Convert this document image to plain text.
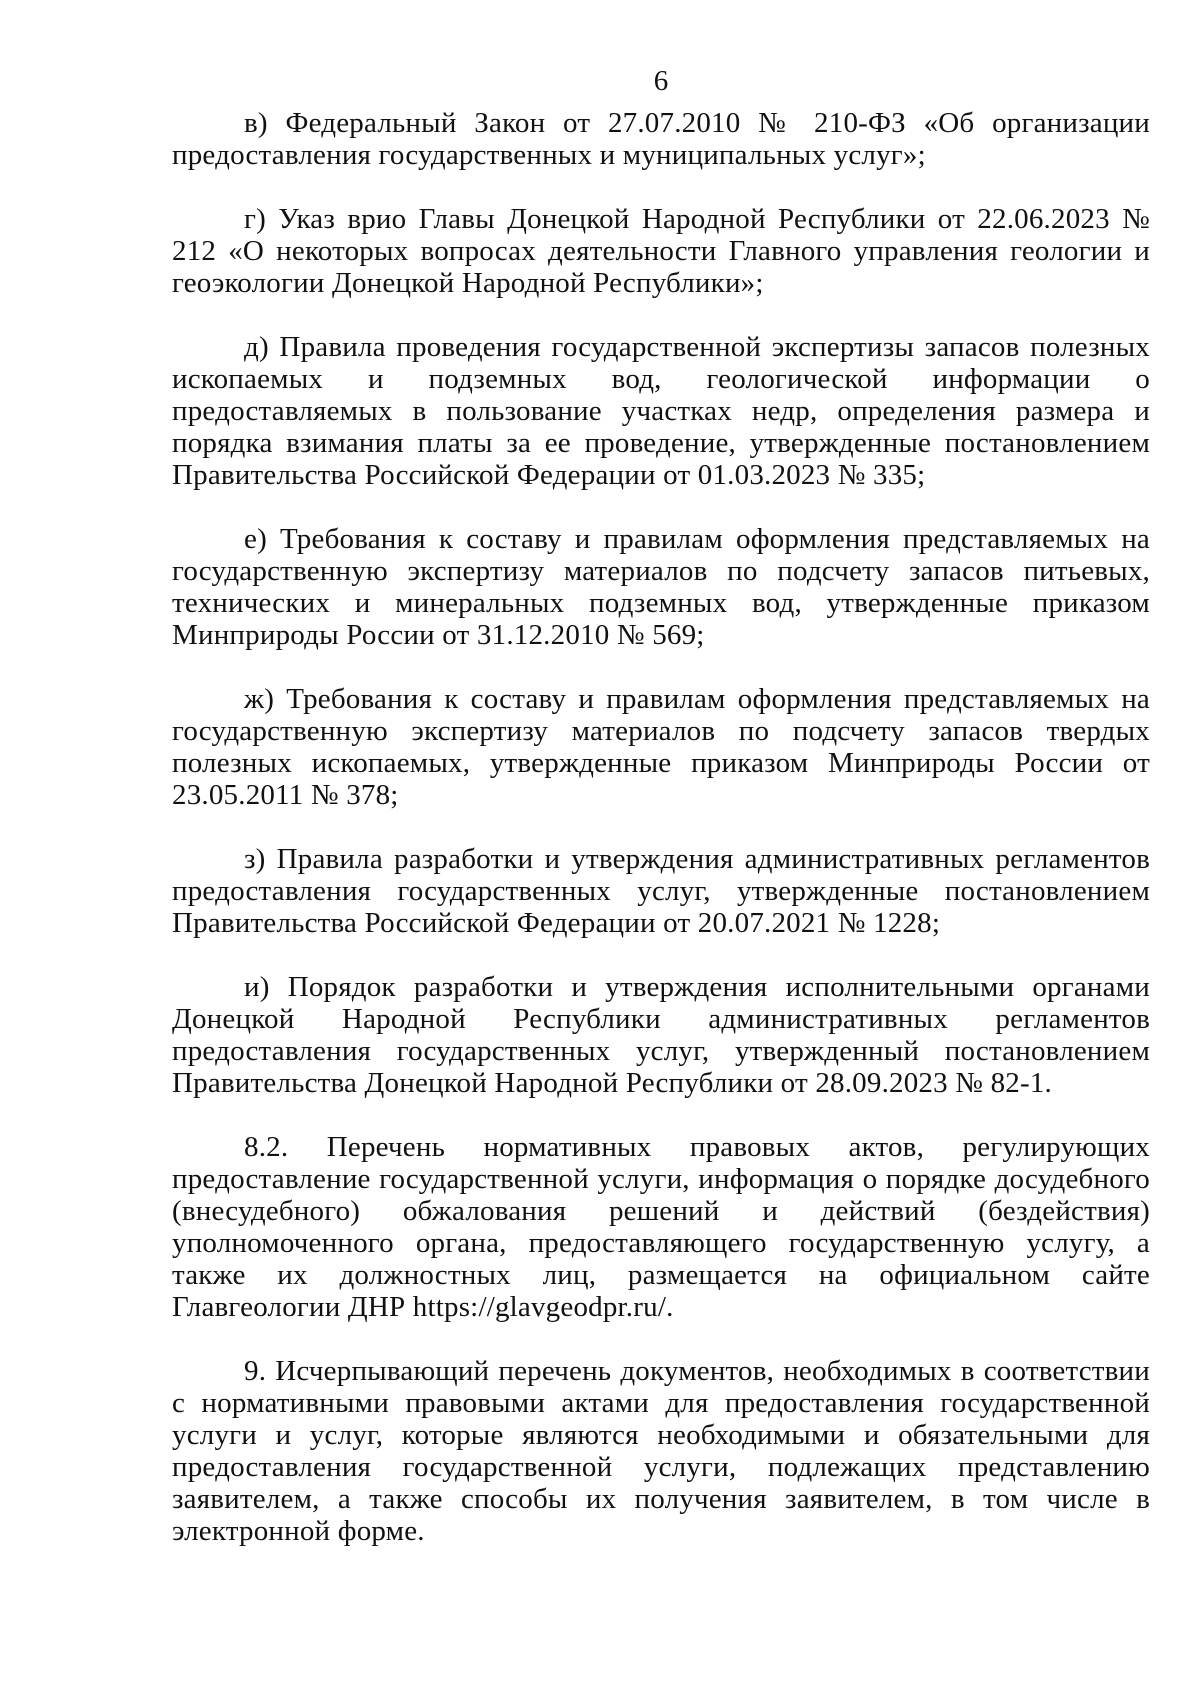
6

в) Федеральный Закон от 27.07.2010 № 210-ФЗ «Об организации предоставления государственных и муниципальных услуг»;

г) Указ врио Главы Донецкой Народной Республики от 22.06.2023 № 212 «О некоторых вопросах деятельности Главного управления геологии и геоэкологии Донецкой Народной Республики»;

д) Правила проведения государственной экспертизы запасов полезных ископаемых и подземных вод, геологической информации о предоставляемых в пользование участках недр, определения размера и порядка взимания платы за ее проведение, утвержденные постановлением Правительства Российской Федерации от 01.03.2023 № 335;

е) Требования к составу и правилам оформления представляемых на государственную экспертизу материалов по подсчету запасов питьевых, технических и минеральных подземных вод, утвержденные приказом Минприроды России от 31.12.2010 № 569;

ж) Требования к составу и правилам оформления представляемых на государственную экспертизу материалов по подсчету запасов твердых полезных ископаемых, утвержденные приказом Минприроды России от 23.05.2011 № 378;

з) Правила разработки и утверждения административных регламентов предоставления государственных услуг, утвержденные постановлением Правительства Российской Федерации от 20.07.2021 № 1228;

и) Порядок разработки и утверждения исполнительными органами Донецкой Народной Республики административных регламентов предоставления государственных услуг, утвержденный постановлением Правительства Донецкой Народной Республики от 28.09.2023 № 82-1.

8.2. Перечень нормативных правовых актов, регулирующих предоставление государственной услуги, информация о порядке досудебного (внесудебного) обжалования решений и действий (бездействия) уполномоченного органа, предоставляющего государственную услугу, а также их должностных лиц, размещается на официальном сайте Главгеологии ДНР https://glavgeodpr.ru/.

9. Исчерпывающий перечень документов, необходимых в соответствии с нормативными правовыми актами для предоставления государственной услуги и услуг, которые являются необходимыми и обязательными для предоставления государственной услуги, подлежащих представлению заявителем, а также способы их получения заявителем, в том числе в электронной форме.
